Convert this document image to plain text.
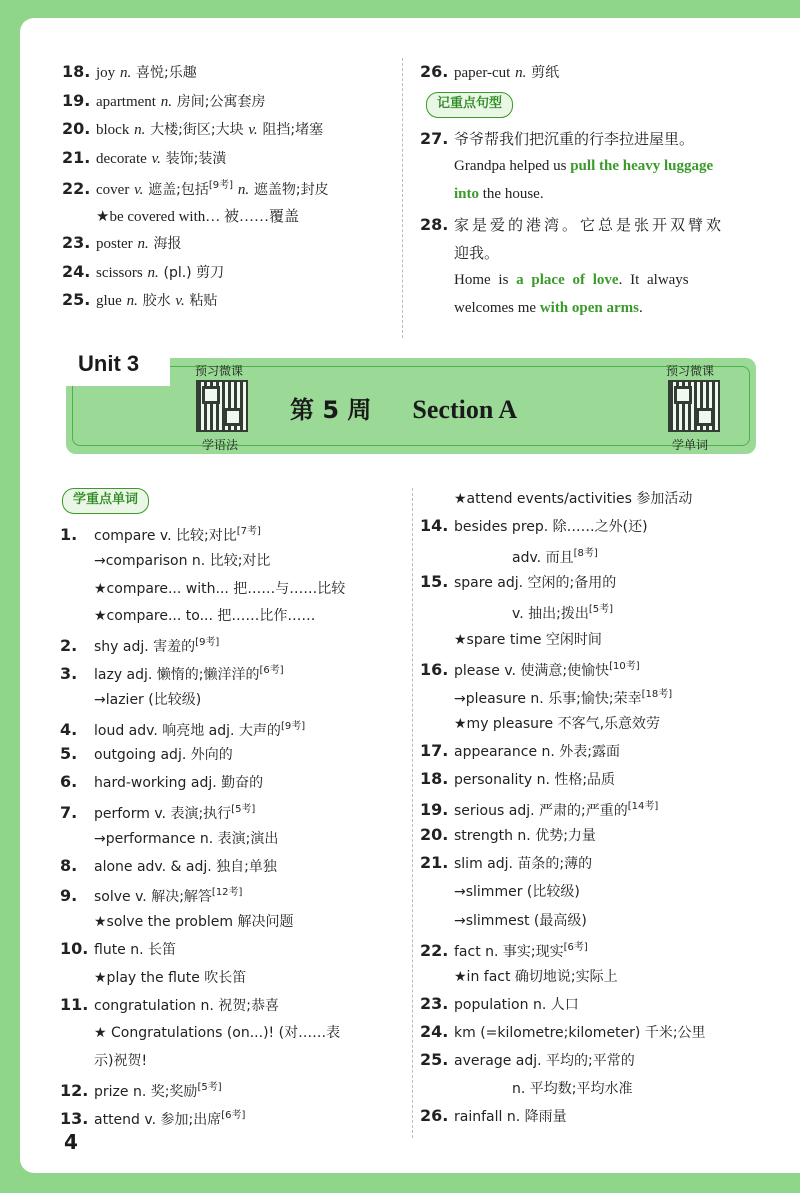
18. joy n. 喜悦;乐趣
19. apartment n. 房间;公寓套房
20. block n. 大楼;街区;大块 v. 阻挡;堵塞
21. decorate v. 装饰;装潢
22. cover v. 遮盖;包括[9考] n. 遮盖物;封皮
★be covered with… 被……覆盖
23. poster n. 海报
24. scissors n. (pl.) 剪刀
25. glue n. 胶水 v. 粘贴
26. paper-cut n. 剪纸
记重点句型
27. 爷爷帮我们把沉重的行李拉进屋里。
Grandpa helped us pull the heavy luggage
into the house.
28. 家是爱的港湾。它总是张开双臂欢
迎我。
Home is a place of love. It always
welcomes me with open arms.
Unit 3	预习微课
学语法
第 5 周 Section A
预习微课
学单词
学重点单词
1. compare v. 比较;对比[7考]
→comparison n. 比较;对比
★compare... with... 把……与……比较
★compare... to... 把……比作……
2. shy adj. 害羞的[9考]
3. lazy adj. 懒惰的;懒洋洋的[6考]
→lazier (比较级)
4. loud adv. 响亮地 adj. 大声的[9考]
5. outgoing adj. 外向的
6. hard-working adj. 勤奋的
7. perform v. 表演;执行[5考]
→performance n. 表演;演出
8. alone adv. & adj. 独自;单独
9. solve v. 解决;解答[12考]
★solve the problem 解决问题
10. flute n. 长笛
★play the flute 吹长笛
11. congratulation n. 祝贺;恭喜
★ Congratulations (on...)! (对……表
示)祝贺!
12. prize n. 奖;奖励[5考]
13. attend v. 参加;出席[6考]
★attend events/activities 参加活动
14. besides prep. 除……之外(还)
adv. 而且[8考]
15. spare adj. 空闲的;备用的
v. 抽出;拨出[5考]
★spare time 空闲时间
16. please v. 使满意;使愉快[10考]
→pleasure n. 乐事;愉快;荣幸[18考]
★my pleasure 不客气,乐意效劳
17. appearance n. 外表;露面
18. personality n. 性格;品质
19. serious adj. 严肃的;严重的[14考]
20. strength n. 优势;力量
21. slim adj. 苗条的;薄的
→slimmer (比较级)
→slimmest (最高级)
22. fact n. 事实;现实[6考]
★in fact 确切地说;实际上
23. population n. 人口
24. km (=kilometre;kilometer) 千米;公里
25. average adj. 平均的;平常的
n. 平均数;平均水准
26. rainfall n. 降雨量
4
